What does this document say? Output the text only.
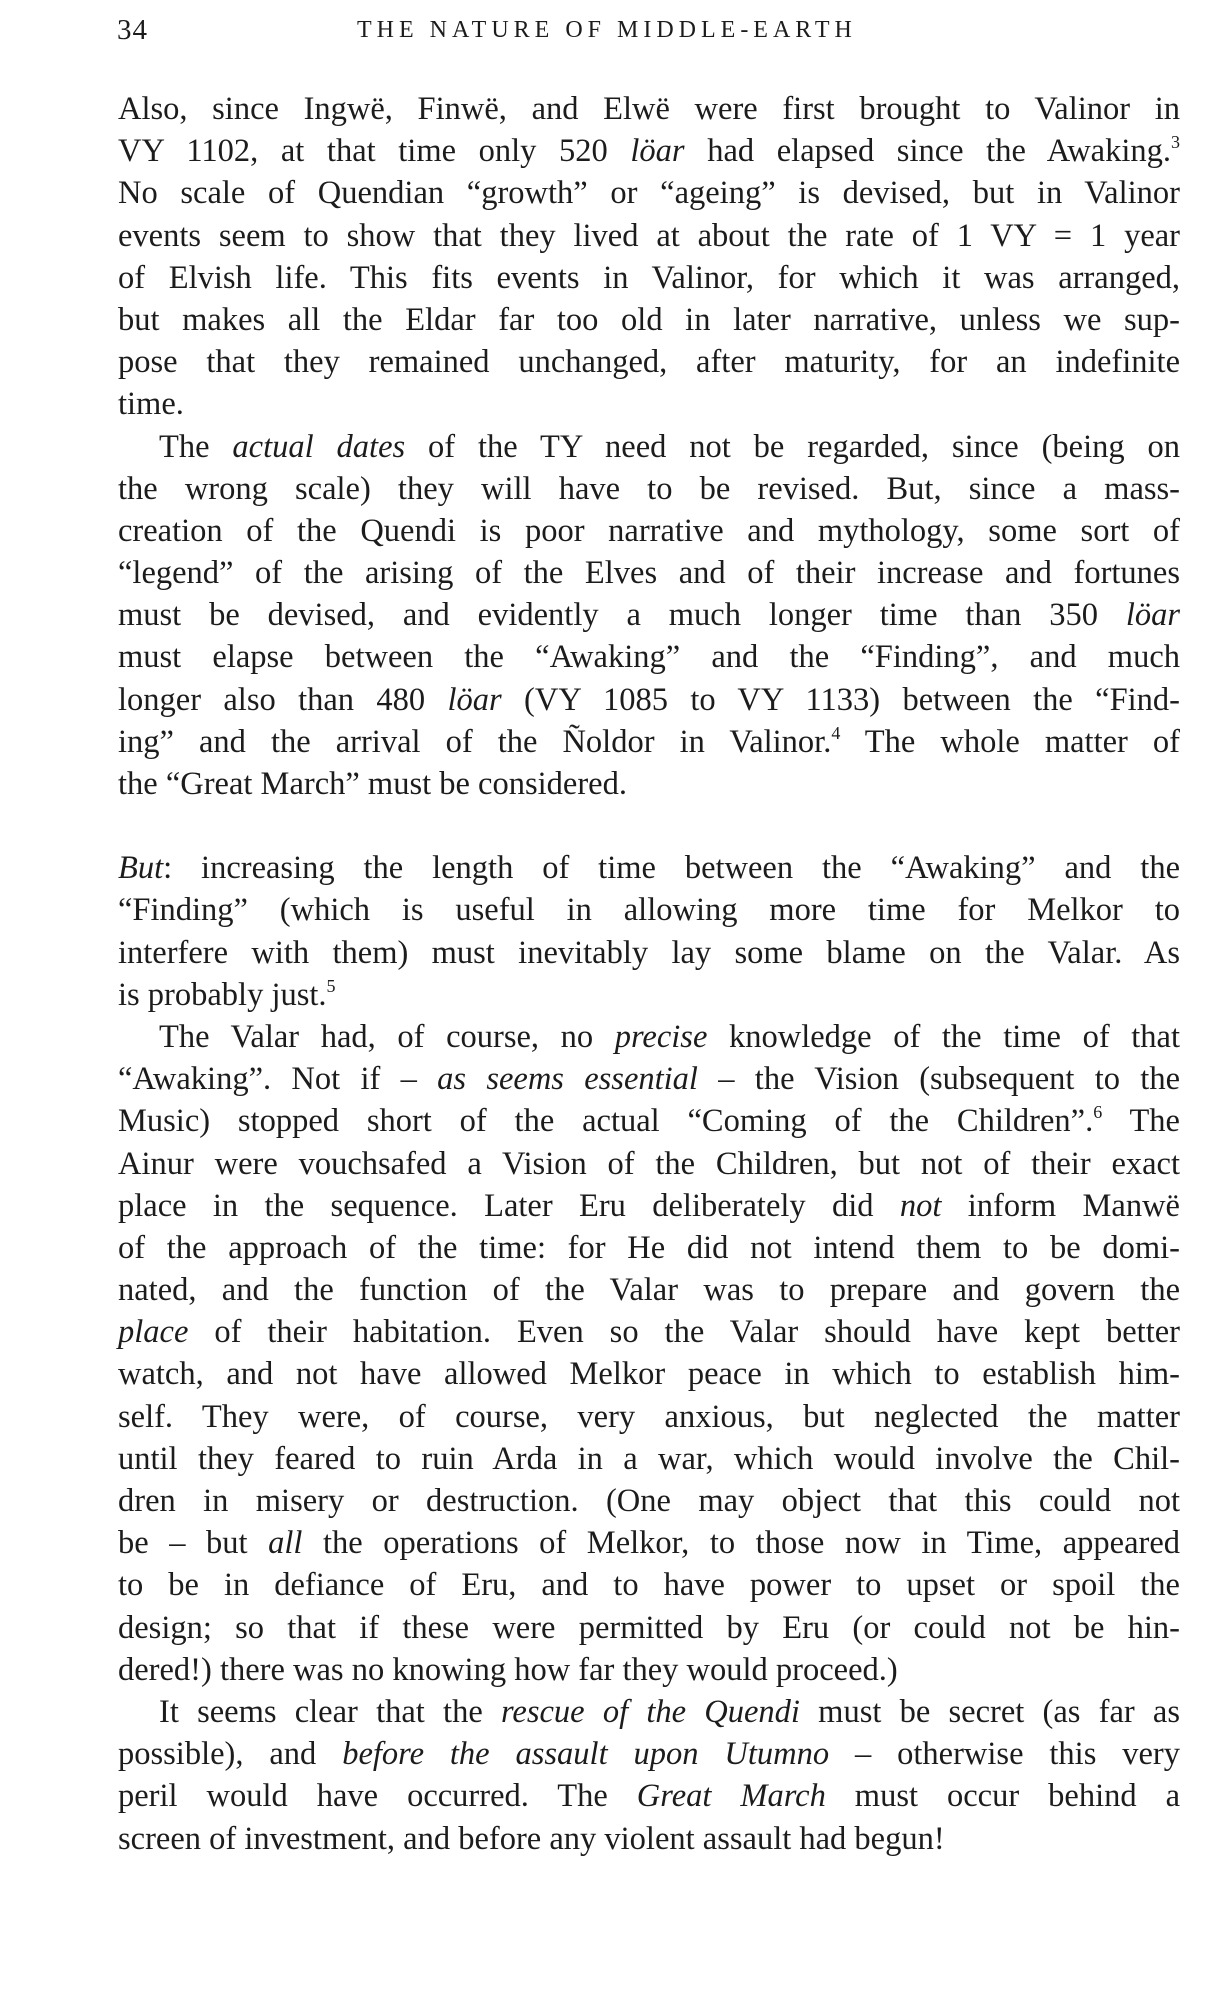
34	THE NATURE OF MIDDLE-EARTH
Also, since Ingwë, Finwë, and Elwë were first brought to Valinor in
VY 1102, at that time only 520 löar had elapsed since the Awaking.$^3$
No scale of Quendian “growth” or “ageing” is devised, but in Valinor
events seem to show that they lived at about the rate of 1 VY = 1 year
of Elvish life. This fits events in Valinor, for which it was arranged,
but makes all the Eldar far too old in later narrative, unless we sup-
pose that they remained unchanged, after maturity, for an indefinite
time.
The actual dates of the TY need not be regarded, since (being on
the wrong scale) they will have to be revised. But, since a mass-
creation of the Quendi is poor narrative and mythology, some sort of
“legend” of the arising of the Elves and of their increase and fortunes
must be devised, and evidently a much longer time than 350 löar
must elapse between the “Awaking” and the “Finding”, and much
longer also than 480 löar (VY 1085 to VY 1133) between the “Find-
ing” and the arrival of the Ñoldor in Valinor.$^4$ The whole matter of
the “Great March” must be considered.
But: increasing the length of time between the “Awaking” and the
“Finding” (which is useful in allowing more time for Melkor to
interfere with them) must inevitably lay some blame on the Valar. As
is probably just.$^5$
The Valar had, of course, no precise knowledge of the time of that
“Awaking”. Not if – as seems essential – the Vision (subsequent to the
Music) stopped short of the actual “Coming of the Children”.$^6$ The
Ainur were vouchsafed a Vision of the Children, but not of their exact
place in the sequence. Later Eru deliberately did not inform Manwë
of the approach of the time: for He did not intend them to be domi-
nated, and the function of the Valar was to prepare and govern the
place of their habitation. Even so the Valar should have kept better
watch, and not have allowed Melkor peace in which to establish him-
self. They were, of course, very anxious, but neglected the matter
until they feared to ruin Arda in a war, which would involve the Chil-
dren in misery or destruction. (One may object that this could not
be – but all the operations of Melkor, to those now in Time, appeared
to be in defiance of Eru, and to have power to upset or spoil the
design; so that if these were permitted by Eru (or could not be hin-
dered!) there was no knowing how far they would proceed.)
It seems clear that the rescue of the Quendi must be secret (as far as
possible), and before the assault upon Utumno – otherwise this very
peril would have occurred. The Great March must occur behind a
screen of investment, and before any violent assault had begun!
